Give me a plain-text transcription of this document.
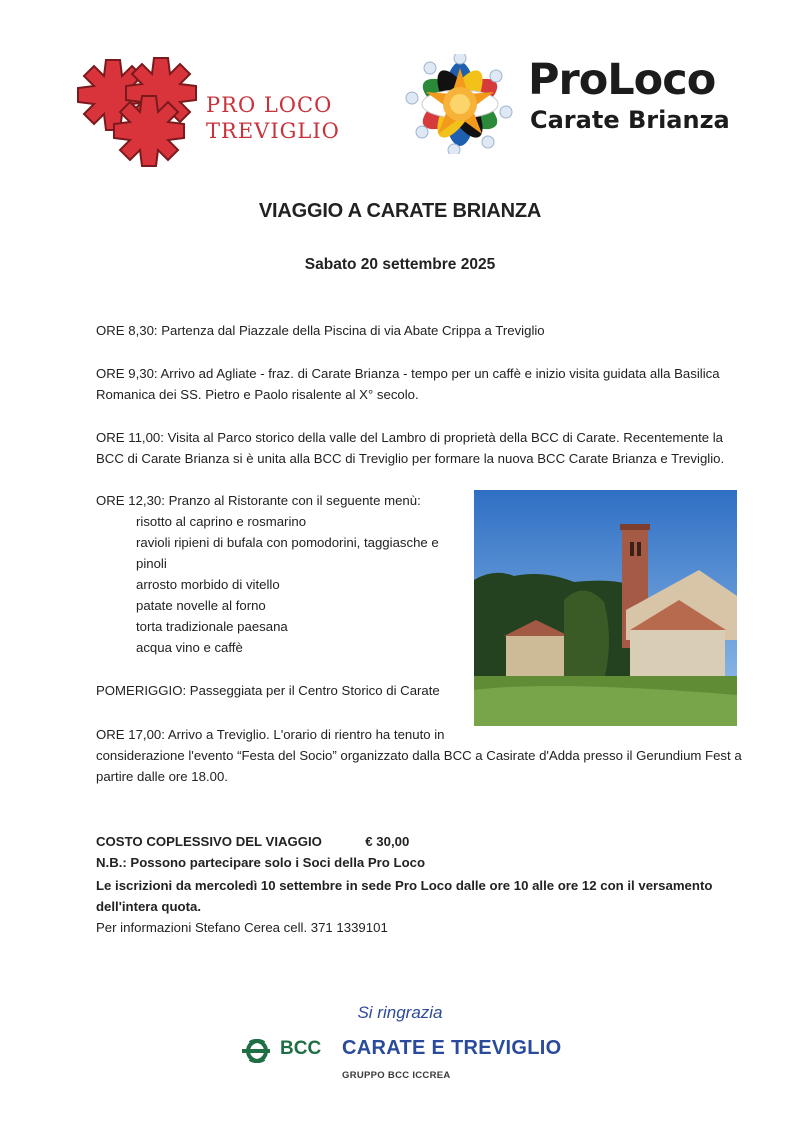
PRO LOCO
TREVIGLIO
ProLoco
Carate Brianza
VIAGGIO A CARATE BRIANZA
Sabato 20 settembre 2025
ORE 8,30: Partenza dal Piazzale della Piscina di via Abate Crippa a Treviglio
ORE 9,30: Arrivo ad Agliate - fraz. di Carate Brianza - tempo per un caffè e inizio visita guidata alla Basilica
Romanica dei SS. Pietro e Paolo risalente al X° secolo.
ORE 11,00: Visita al Parco storico della valle del Lambro di proprietà della BCC di Carate. Recentemente la
BCC di Carate Brianza si è unita alla BCC di Treviglio per formare la nuova BCC Carate Brianza e Treviglio.
ORE 12,30: Pranzo al Ristorante con il seguente menù:
risotto al caprino e rosmarino
ravioli ripieni di bufala con pomodorini, taggiasche e
pinoli
arrosto morbido di vitello
patate novelle al forno
torta tradizionale paesana
acqua vino e caffè
POMERIGGIO: Passeggiata per il Centro Storico di Carate
ORE 17,00: Arrivo a Treviglio. L'orario di rientro ha tenuto in
considerazione l'evento “Festa del Socio” organizzato dalla BCC a Casirate d'Adda presso il Gerundium Fest a
partire dalle ore 18.00.
COSTO COPLESSIVO DEL VIAGGIO	€ 30,00
N.B.: Possono partecipare solo i Soci della Pro Loco
Le iscrizioni da mercoledì 10 settembre in sede Pro Loco dalle ore 10 alle ore 12 con il versamento
dell'intera quota.
Per informazioni Stefano Cerea cell. 371 1339101
Si ringrazia
BCC CARATE E TREVIGLIO
GRUPPO BCC ICCREA
